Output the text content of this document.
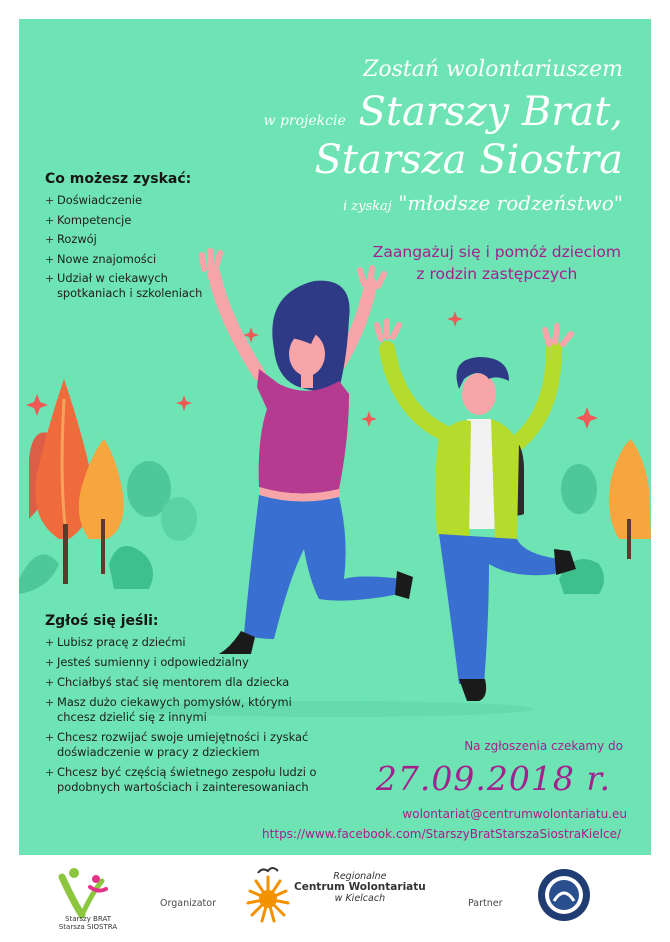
Zostań wolontariuszem
w projekcie Starszy Brat,
Starsza Siostra
i zyskaj "młodsze rodzeństwo"
Zaangażuj się i pomóż dzieciom
z rodzin zastępczych
Co możesz zyskać:
+ Doświadczenie
+ Kompetencje
+ Rozwój
+ Nowe znajomości
+ Udział w ciekawych spotkaniach i szkoleniach
Zgłoś się jeśli:
+ Lubisz pracę z dziećmi
+ Jesteś sumienny i odpowiedzialny
+ Chciałbyś stać się mentorem dla dziecka
+ Masz dużo ciekawych pomysłów, którymi chcesz dzielić się z innymi
+ Chcesz rozwijać swoje umiejętności i zyskać doświadczenie w pracy z dzieckiem
+ Chcesz być częścią świetnego zespołu ludzi o podobnych wartościach i zainteresowaniach
Na zgłoszenia czekamy do
27.09.2018 r.
wolontariat@centrumwolontariatu.eu
https://www.facebook.com/StarszyBratStarszaSiostraKielce/
Starszy BRAT
Starsza SIOSTRA
Organizator
Regionalne
Centrum Wolontariatu
w Kielcach	Partner
